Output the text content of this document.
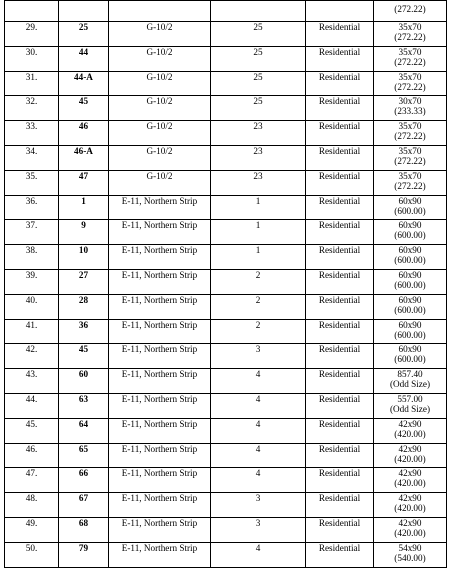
					(272.22)

29.	25	G-10/2	25	Residential	35x70
(272.22)

30.	44	G-10/2	25	Residential	35x70
(272.22)

31.	44-A	G-10/2	25	Residential	35x70
(272.22)

32.	45	G-10/2	25	Residential	30x70
(233.33)

33.	46	G-10/2	23	Residential	35x70
(272.22)

34.	46-A	G-10/2	23	Residential	35x70
(272.22)

35.	47	G-10/2	23	Residential	35x70
(272.22)

36.	1	E-11, Northern Strip	1	Residential	60x90
(600.00)

37.	9	E-11, Northern Strip	1	Residential	60x90
(600.00)

38.	10	E-11, Northern Strip	1	Residential	60x90
(600.00)

39.	27	E-11, Northern Strip	2	Residential	60x90
(600.00)

40.	28	E-11, Northern Strip	2	Residential	60x90
(600.00)

41.	36	E-11, Northern Strip	2	Residential	60x90
(600.00)

42.	45	E-11, Northern Strip	3	Residential	60x90
(600.00)

43.	60	E-11, Northern Strip	4	Residential	857.40
(Odd Size)

44.	63	E-11, Northern Strip	4	Residential	557.00
(Odd Size)

45.	64	E-11, Northern Strip	4	Residential	42x90
(420.00)

46.	65	E-11, Northern Strip	4	Residential	42x90
(420.00)

47.	66	E-11, Northern Strip	4	Residential	42x90
(420.00)

48.	67	E-11, Northern Strip	3	Residential	42x90
(420.00)

49.	68	E-11, Northern Strip	3	Residential	42x90
(420.00)

50.	79	E-11, Northern Strip	4	Residential	54x90
(540.00)
